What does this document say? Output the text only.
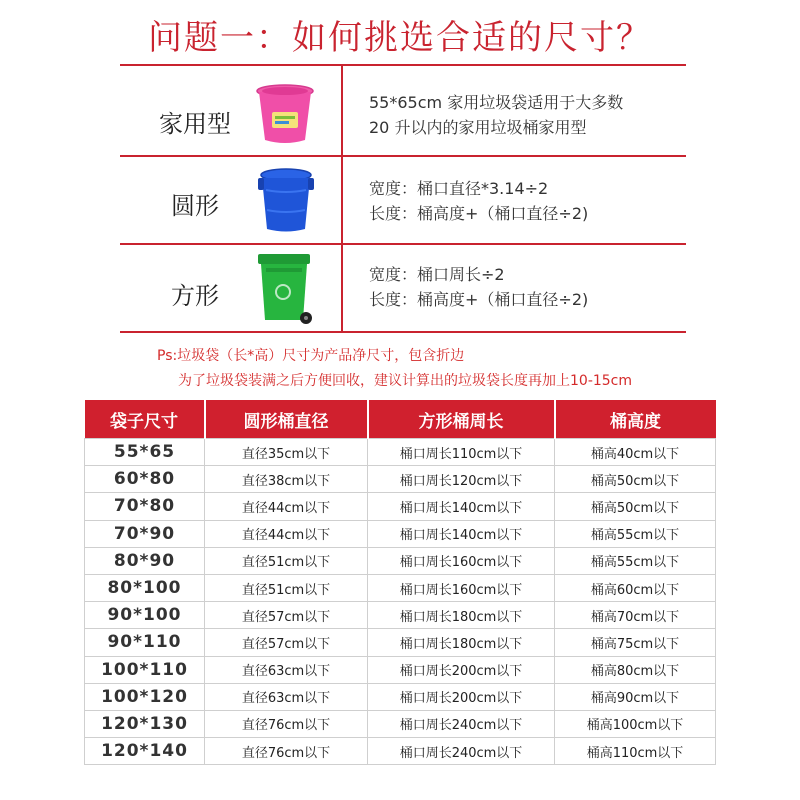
问题一：如何挑选合适的尺寸？
家用型
55*65cm 家用垃圾袋适用于大多数
20 升以内的家用垃圾桶家用型
圆形
宽度：桶口直径*3.14÷2
长度：桶高度+（桶口直径÷2)
方形
宽度：桶口周长÷2
长度：桶高度+（桶口直径÷2)
Ps:垃圾袋（长*高）尺寸为产品净尺寸，包含折边
为了垃圾袋装满之后方便回收，建议计算出的垃圾袋长度再加上10-15cm
袋子尺寸	圆形桶直径	方形桶周长	桶高度
55*65	直径35cm以下	桶口周长110cm以下	桶高40cm以下
60*80	直径38cm以下	桶口周长120cm以下	桶高50cm以下
70*80	直径44cm以下	桶口周长140cm以下	桶高50cm以下
70*90	直径44cm以下	桶口周长140cm以下	桶高55cm以下
80*90	直径51cm以下	桶口周长160cm以下	桶高55cm以下
80*100	直径51cm以下	桶口周长160cm以下	桶高60cm以下
90*100	直径57cm以下	桶口周长180cm以下	桶高70cm以下
90*110	直径57cm以下	桶口周长180cm以下	桶高75cm以下
100*110	直径63cm以下	桶口周长200cm以下	桶高80cm以下
100*120	直径63cm以下	桶口周长200cm以下	桶高90cm以下
120*130	直径76cm以下	桶口周长240cm以下	桶高100cm以下
120*140	直径76cm以下	桶口周长240cm以下	桶高110cm以下
